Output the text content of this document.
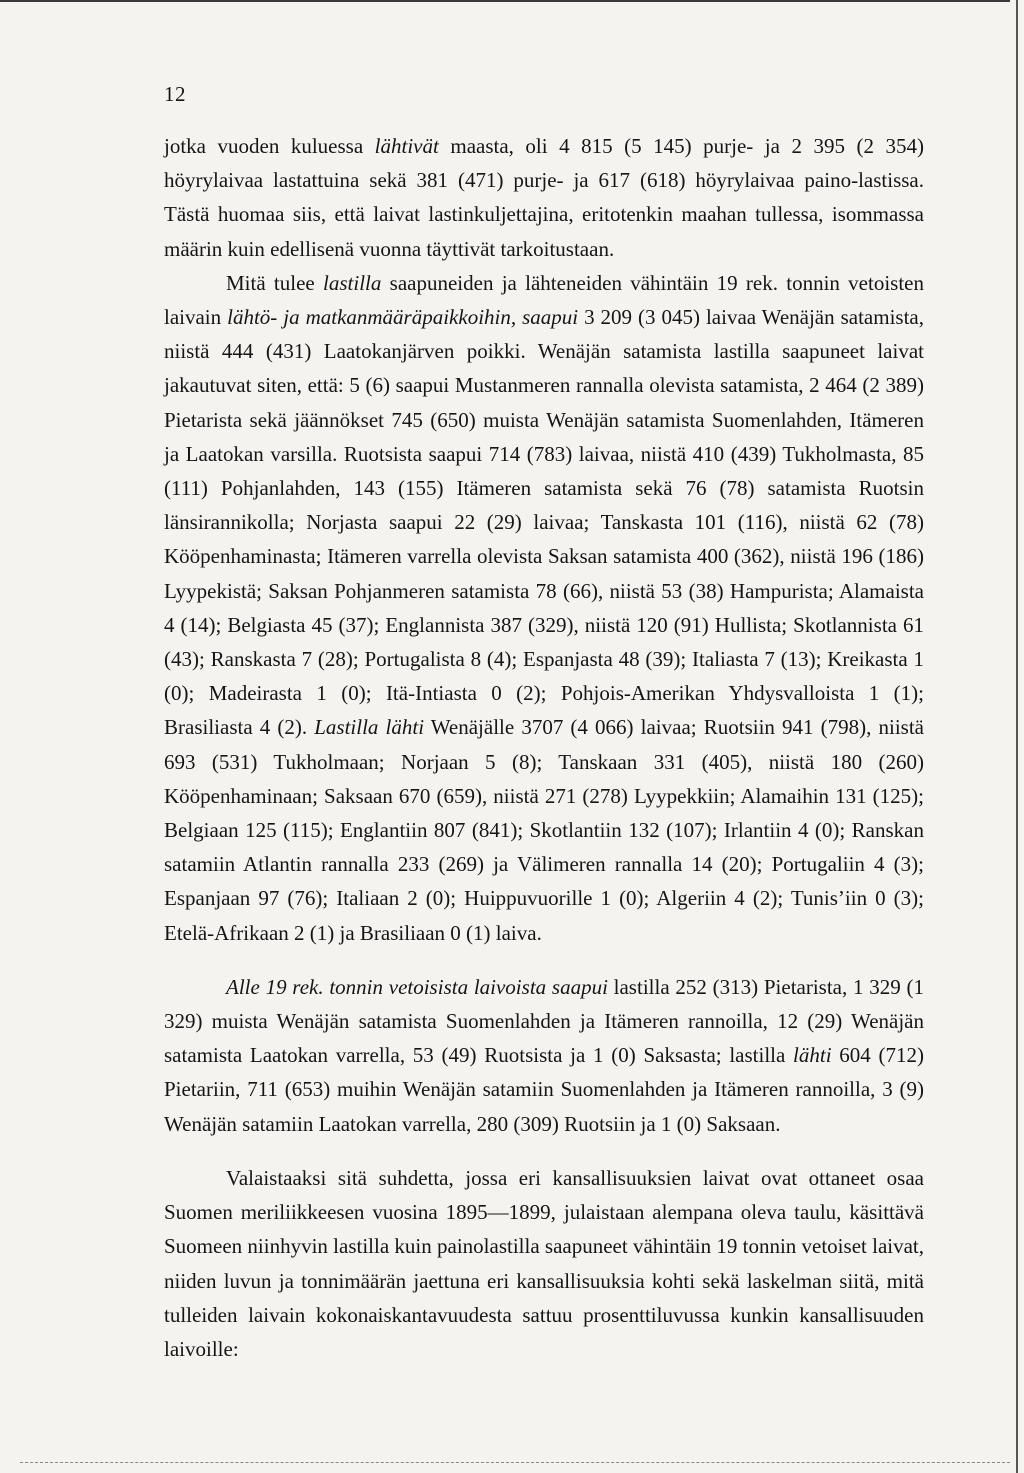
12

jotka vuoden kuluessa lähtivät maasta, oli 4 815 (5 145) purje- ja 2 395 (2 354) höyrylaivaa lastattuina sekä 381 (471) purje- ja 617 (618) höyrylaivaa paino-lastissa. Tästä huomaa siis, että laivat lastinkuljettajina, eritotenkin maahan tullessa, isommassa määrin kuin edellisenä vuonna täyttivät tarkoitustaan.

Mitä tulee lastilla saapuneiden ja lähteneiden vähintäin 19 rek. tonnin vetoisten laivain lähtö- ja matkanmääräpaikkoihin, saapui 3 209 (3 045) laivaa Wenäjän satamista, niistä 444 (431) Laatokanjärven poikki. Wenäjän satamista lastilla saapuneet laivat jakautuvat siten, että: 5 (6) saapui Mustanmeren rannalla olevista satamista, 2 464 (2 389) Pietarista sekä jäännökset 745 (650) muista Wenäjän satamista Suomenlahden, Itämeren ja Laatokan varsilla. Ruotsista saapui 714 (783) laivaa, niistä 410 (439) Tukholmasta, 85 (111) Pohjanlahden, 143 (155) Itämeren satamista sekä 76 (78) satamista Ruotsin länsirannikolla; Norjasta saapui 22 (29) laivaa; Tanskasta 101 (116), niistä 62 (78) Kööpenhaminasta; Itämeren varrella olevista Saksan satamista 400 (362), niistä 196 (186) Lyypekistä; Saksan Pohjanmeren satamista 78 (66), niistä 53 (38) Hampurista; Alamaista 4 (14); Belgiasta 45 (37); Englannista 387 (329), niistä 120 (91) Hullista; Skotlannista 61 (43); Ranskasta 7 (28); Portugalista 8 (4); Espanjasta 48 (39); Italiasta 7 (13); Kreikasta 1 (0); Madeirasta 1 (0); Itä-Intiasta 0 (2); Pohjois-Amerikan Yhdysvalloista 1 (1); Brasiliasta 4 (2). Lastilla lähti Wenäjälle 3707 (4 066) laivaa; Ruotsiin 941 (798), niistä 693 (531) Tukholmaan; Norjaan 5 (8); Tanskaan 331 (405), niistä 180 (260) Kööpenhaminaan; Saksaan 670 (659), niistä 271 (278) Lyypekkiin; Alamaihin 131 (125); Belgiaan 125 (115); Englantiin 807 (841); Skotlantiin 132 (107); Irlantiin 4 (0); Ranskan satamiin Atlantin rannalla 233 (269) ja Välimeren rannalla 14 (20); Portugaliin 4 (3); Espanjaan 97 (76); Italiaan 2 (0); Huippuvuorille 1 (0); Algeriin 4 (2); Tunis’iin 0 (3); Etelä-Afrikaan 2 (1) ja Brasiliaan 0 (1) laiva.

Alle 19 rek. tonnin vetoisista laivoista saapui lastilla 252 (313) Pietarista, 1 329 (1 329) muista Wenäjän satamista Suomenlahden ja Itämeren rannoilla, 12 (29) Wenäjän satamista Laatokan varrella, 53 (49) Ruotsista ja 1 (0) Saksasta; lastilla lähti 604 (712) Pietariin, 711 (653) muihin Wenäjän satamiin Suomenlahden ja Itämeren rannoilla, 3 (9) Wenäjän satamiin Laatokan varrella, 280 (309) Ruotsiin ja 1 (0) Saksaan.

Valaistaaksi sitä suhdetta, jossa eri kansallisuuksien laivat ovat ottaneet osaa Suomen meriliikkeesen vuosina 1895—1899, julaistaan alempana oleva taulu, käsittävä Suomeen niinhyvin lastilla kuin painolastilla saapuneet vähintäin 19 tonnin vetoiset laivat, niiden luvun ja tonnimäärän jaettuna eri kansallisuuksia kohti sekä laskelman siitä, mitä tulleiden laivain kokonaiskantavuudesta sattuu prosenttiluvussa kunkin kansallisuuden laivoille:
